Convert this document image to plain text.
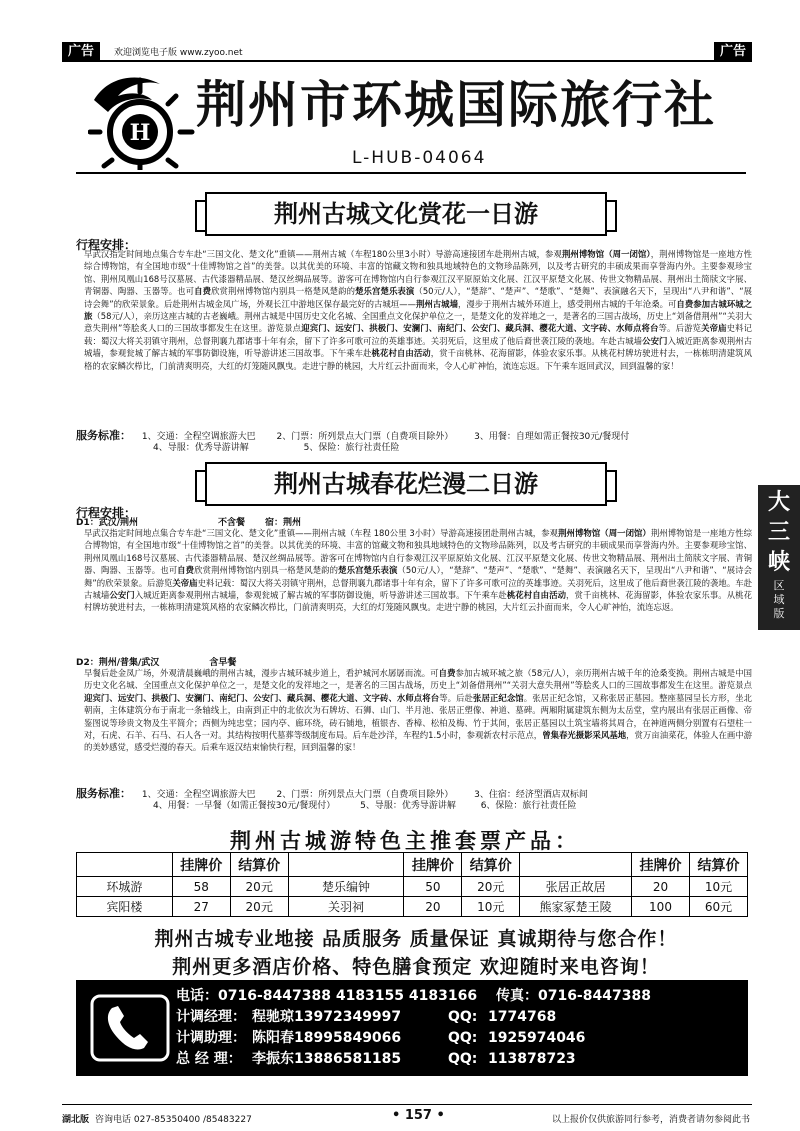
广告	欢迎浏览电子版 www.zyoo.net	广告
H 荆州市环城国际旅行社
L-HUB-04064
荆州古城文化赏花一日游
行程安排：
早武汉指定时间地点集合专车赴“三国文化、楚文化”重镇——荆州古城（车程180公里3小时）导游高速接团车赴荆州古城，参观荆州博物馆（周一闭馆），荆州博物馆是一座地方性综合博物馆，有全国地市级“十佳博物馆之首”的美誉。以其优美的环境、丰富的馆藏文物和独具地域特色的文物珍品陈列，以及考古研究的丰硕成果而享誉海内外。主要参观珍宝馆、荆州凤凰山168号汉墓展、古代漆器精品展、楚汉丝绸品展等。游客可在博物馆内自行参观江汉平原原始文化展、江汉平原楚文化展、传世文物精品展、荆州出土简牍文字展、青铜器、陶器、玉器等。也可自费欣赏荆州博物馆内别具一格楚风楚韵的楚乐宫楚乐表演（50元/人），“楚辞”、“楚声”、“楚歌”、“楚舞”、表演融名天下，呈现出“八尹和谐”、“展诗会舞”的欣荣景象。后赴荆州古城金凤广场，外观长江中游地区保存最完好的古城垣——荆州古城墙，漫步于荆州古城外环道上，感受荆州古城的千年沧桑。可自费参加古城环城之旅（58元/人），亲历这座古城的古老巍峨。荆州古城是中国历史文化名城、全国重点文化保护单位之一，是楚文化的发祥地之一，是著名的三国古战场，历史上“刘备借荆州”“关羽大意失荆州”等脍炙人口的三国故事都发生在这里。游览景点迎宾门、远安门、拱极门、安澜门、南纪门、公安门、藏兵洞、樱花大道、文字砖、水师点将台等。后游览关帝庙史料记载：蜀汉大将关羽镇守荆州，总督荆襄九郡诸事十年有余，留下了许多可歌可泣的英雄事迹。关羽死后，这里成了他后裔世袭江陵的袭地。车赴古城墙公安门入城近距离参观荆州古城墙，参观瓮城了解古城的军事防御设施，听导游讲述三国故事。下午乘车赴桃花村自由活动，赏千亩桃林、花海留影，体验农家乐事。从桃花村牌坊驶进村去，一栋栋明清建筑风格的农家鳞次栉比，门前清爽明亮，大红的灯笼随风飘曳。走进宁静的桃园，大片红云扑面而来，令人心旷神怡，流连忘返。下午乘车返回武汉，回到温馨的家！
服务标准： 1、交通：全程空调旅游大巴 2、门票：所列景点大门票（自费项目除外） 3、用餐：自理如需正餐按30元/餐现付
4、导服：优秀导游讲解	5、保险：旅行社责任险
荆州古城春花烂漫二日游
行程安排：
D1：武汉/荆州	不含餐 宿：荆州
早武汉指定时间地点集合专车赴“三国文化、楚文化”重镇——荆州古城（车程 180公里 3小时）导游高速接团赴荆州古城，参观荆州博物馆（周一闭馆）荆州博物馆是一座地方性综合博物馆，有全国地市级“十佳博物馆之首”的美誉。以其优美的环境、丰富的馆藏文物和独具地域特色的文物珍品陈列，以及考古研究的丰硕成果而享誉海内外。主要参观珍宝馆、荆州凤凰山168号汉墓展、古代漆器精品展、楚汉丝绸品展等。游客可在博物馆内自行参观江汉平原原始文化展、江汉平原楚文化展、传世文物精品展、荆州出土简牍文字展、青铜器、陶器、玉器等。也可自费欣赏荆州博物馆内别具一格楚风楚韵的楚乐宫楚乐表演（50元/人），“楚辞”、“楚声”、“楚歌”、“楚舞”、表演融名天下，呈现出“八尹和谐”、“展诗会舞”的欣荣景象。后游览关帝庙史料记载：蜀汉大将关羽镇守荆州，总督荆襄九郡诸事十年有余，留下了许多可歌可泣的英雄事迹。关羽死后，这里成了他后裔世袭江陵的袭地。车赴古城墙公安门入城近距离参观荆州古城墙，参观瓮城了解古城的军事防御设施，听导游讲述三国故事。下午乘车赴桃花村自由活动，赏千亩桃林、花海留影，体验农家乐事。从桃花村牌坊驶进村去，一栋栋明清建筑风格的农家鳞次栉比，门前清爽明亮，大红的灯笼随风飘曳。走进宁静的桃园，大片红云扑面而来，令人心旷神怡，流连忘返。
D2：荆州/普集/武汉	含早餐
早餐后赴金凤广场，外观清晨巍峨的荆州古城，漫步古城环城步道上，看护城河水孱孱而流。可自费参加古城环城之旅（58元/人），亲历荆州古城千年的沧桑变换。荆州古城是中国历史文化名城、全国重点文化保护单位之一，是楚文化的发祥地之一，是著名的三国古战场，历史上“刘备借荆州”“关羽大意失荆州”等脍炙人口的三国故事都发生在这里。游览景点迎宾门、远安门、拱极门、安澜门、南纪门、公安门、藏兵洞、樱花大道、文字砖、水师点将台等。后赴张居正纪念馆。张居正纪念馆，又称张居正墓园。整座墓园呈长方形，坐北朝南，主体建筑分布于南北一条轴线上，由南到正中的北依次为石牌坊、石狮、山门、半月池、张居正塑像、神道、墓碑。两厢附属建筑东侧为太岳堂，堂内展出有张居正画像、帝鉴图说等珍贵文物及生平简介；西侧为纯忠堂；园内亭、廊环绕，砖石铺地，植银杏、香樟、松柏及梅、竹于其间，张居正墓园以土筑宝墙将其周合，在神道两侧分别置有石望柱一对，石虎、石羊、石马、石人各一对。其结构按明代墓葬等级制度布局。后车赴沙洋，车程约1.5小时，参观新农村示范点，曾集春光摄影采风基地，赏万亩油菜花，体验人在画中游的美妙感觉，感受烂漫的春天。后乘车返汉结束愉快行程，回到温馨的家！
服务标准： 1、交通：全程空调旅游大巴 2、门票：所列景点大门票（自费项目除外） 3、住宿：经济型酒店双标间
4、用餐：一早餐（如需正餐按30元/餐现付）	5、导服：优秀导游讲解	6、保险：旅行社责任险
大
三
峡
区
域
版
荆州古城游特色主推套票产品：
	挂牌价	结算价		挂牌价	结算价		挂牌价	结算价
环城游	58	20元	楚乐编钟	50	20元	张居正故居	20	10元
宾阳楼	27	20元	关羽祠	20	10元	熊家冢楚王陵	100	60元
荆州古城专业地接 品质服务 质量保证 真诚期待与您合作！
荆州更多酒店价格、特色膳食预定 欢迎随时来电咨询！
电话：0716-8447388 4183155 4183166 传真：0716-8447388
计调经理： 程驰琼13972349997	QQ: 1774768
计调助理： 陈阳春18995849066	QQ: 1925974046
总 经 理： 李振东13886581185	QQ: 113878723
湖北版 咨询电话 027-85350400 /85483227	• 157 •	以上报价仅供旅游同行参考，消费者请勿参阅此书
